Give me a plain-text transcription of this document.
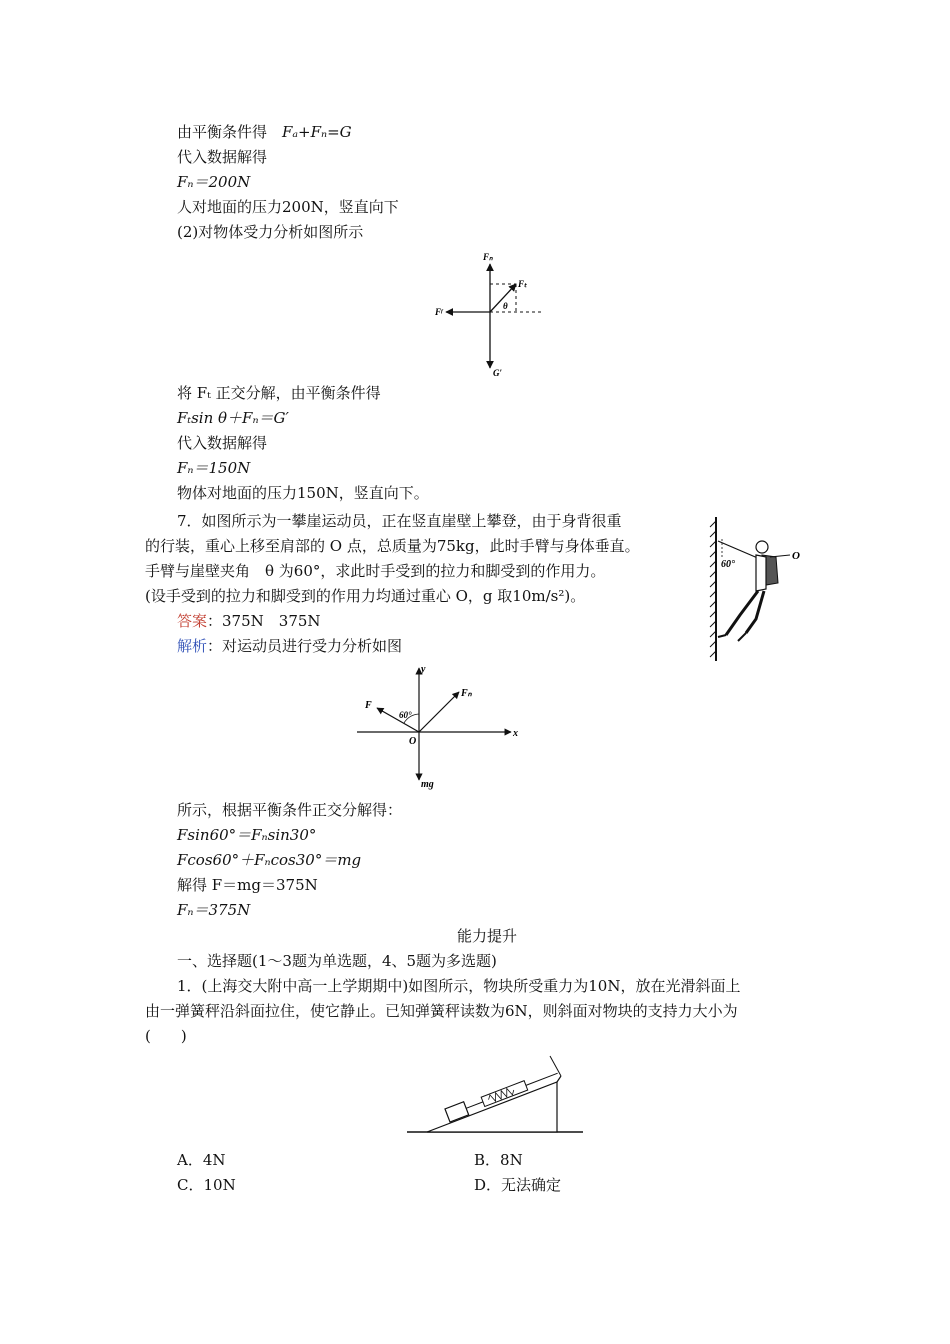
由平衡条件得　Fₐ+Fₙ=G
代入数据解得
Fₙ＝200N
人对地面的压力200N，竖直向下
(2)对物体受力分析如图所示
Fₙ
Fₜ
Fᶠ
G′
θ
将 Fₜ 正交分解，由平衡条件得
Fₜsin θ＋Fₙ＝G′
代入数据解得
Fₙ＝150N
物体对地面的压力150N，竖直向下。
7．如图所示为一攀崖运动员，正在竖直崖壁上攀登，由于身背很重
的行装，重心上移至肩部的 O 点，总质量为75kg，此时手臂与身体垂直。
手臂与崖壁夹角　θ 为60°，求此时手受到的拉力和脚受到的作用力。
(设手受到的拉力和脚受到的作用力均通过重心 O，g 取10m/s²)。
答案：375N　375N
解析：对运动员进行受力分析如图
60°
O
y
x
F
Fₙ
60°
O
mg
所示，根据平衡条件正交分解得：
Fsin60°＝Fₙsin30°
Fcos60°＋Fₙcos30°＝mg
解得 F＝mg＝375N
Fₙ＝375N
能力提升
一、选择题(1～3题为单选题，4、5题为多选题)
1．(上海交大附中高一上学期期中)如图所示，物块所受重力为10N，放在光滑斜面上
由一弹簧秤沿斜面拉住，使它静止。已知弹簧秤读数为6N，则斜面对物块的支持力大小为
(　　)
A．4N	B．8N
C．10N	D．无法确定
